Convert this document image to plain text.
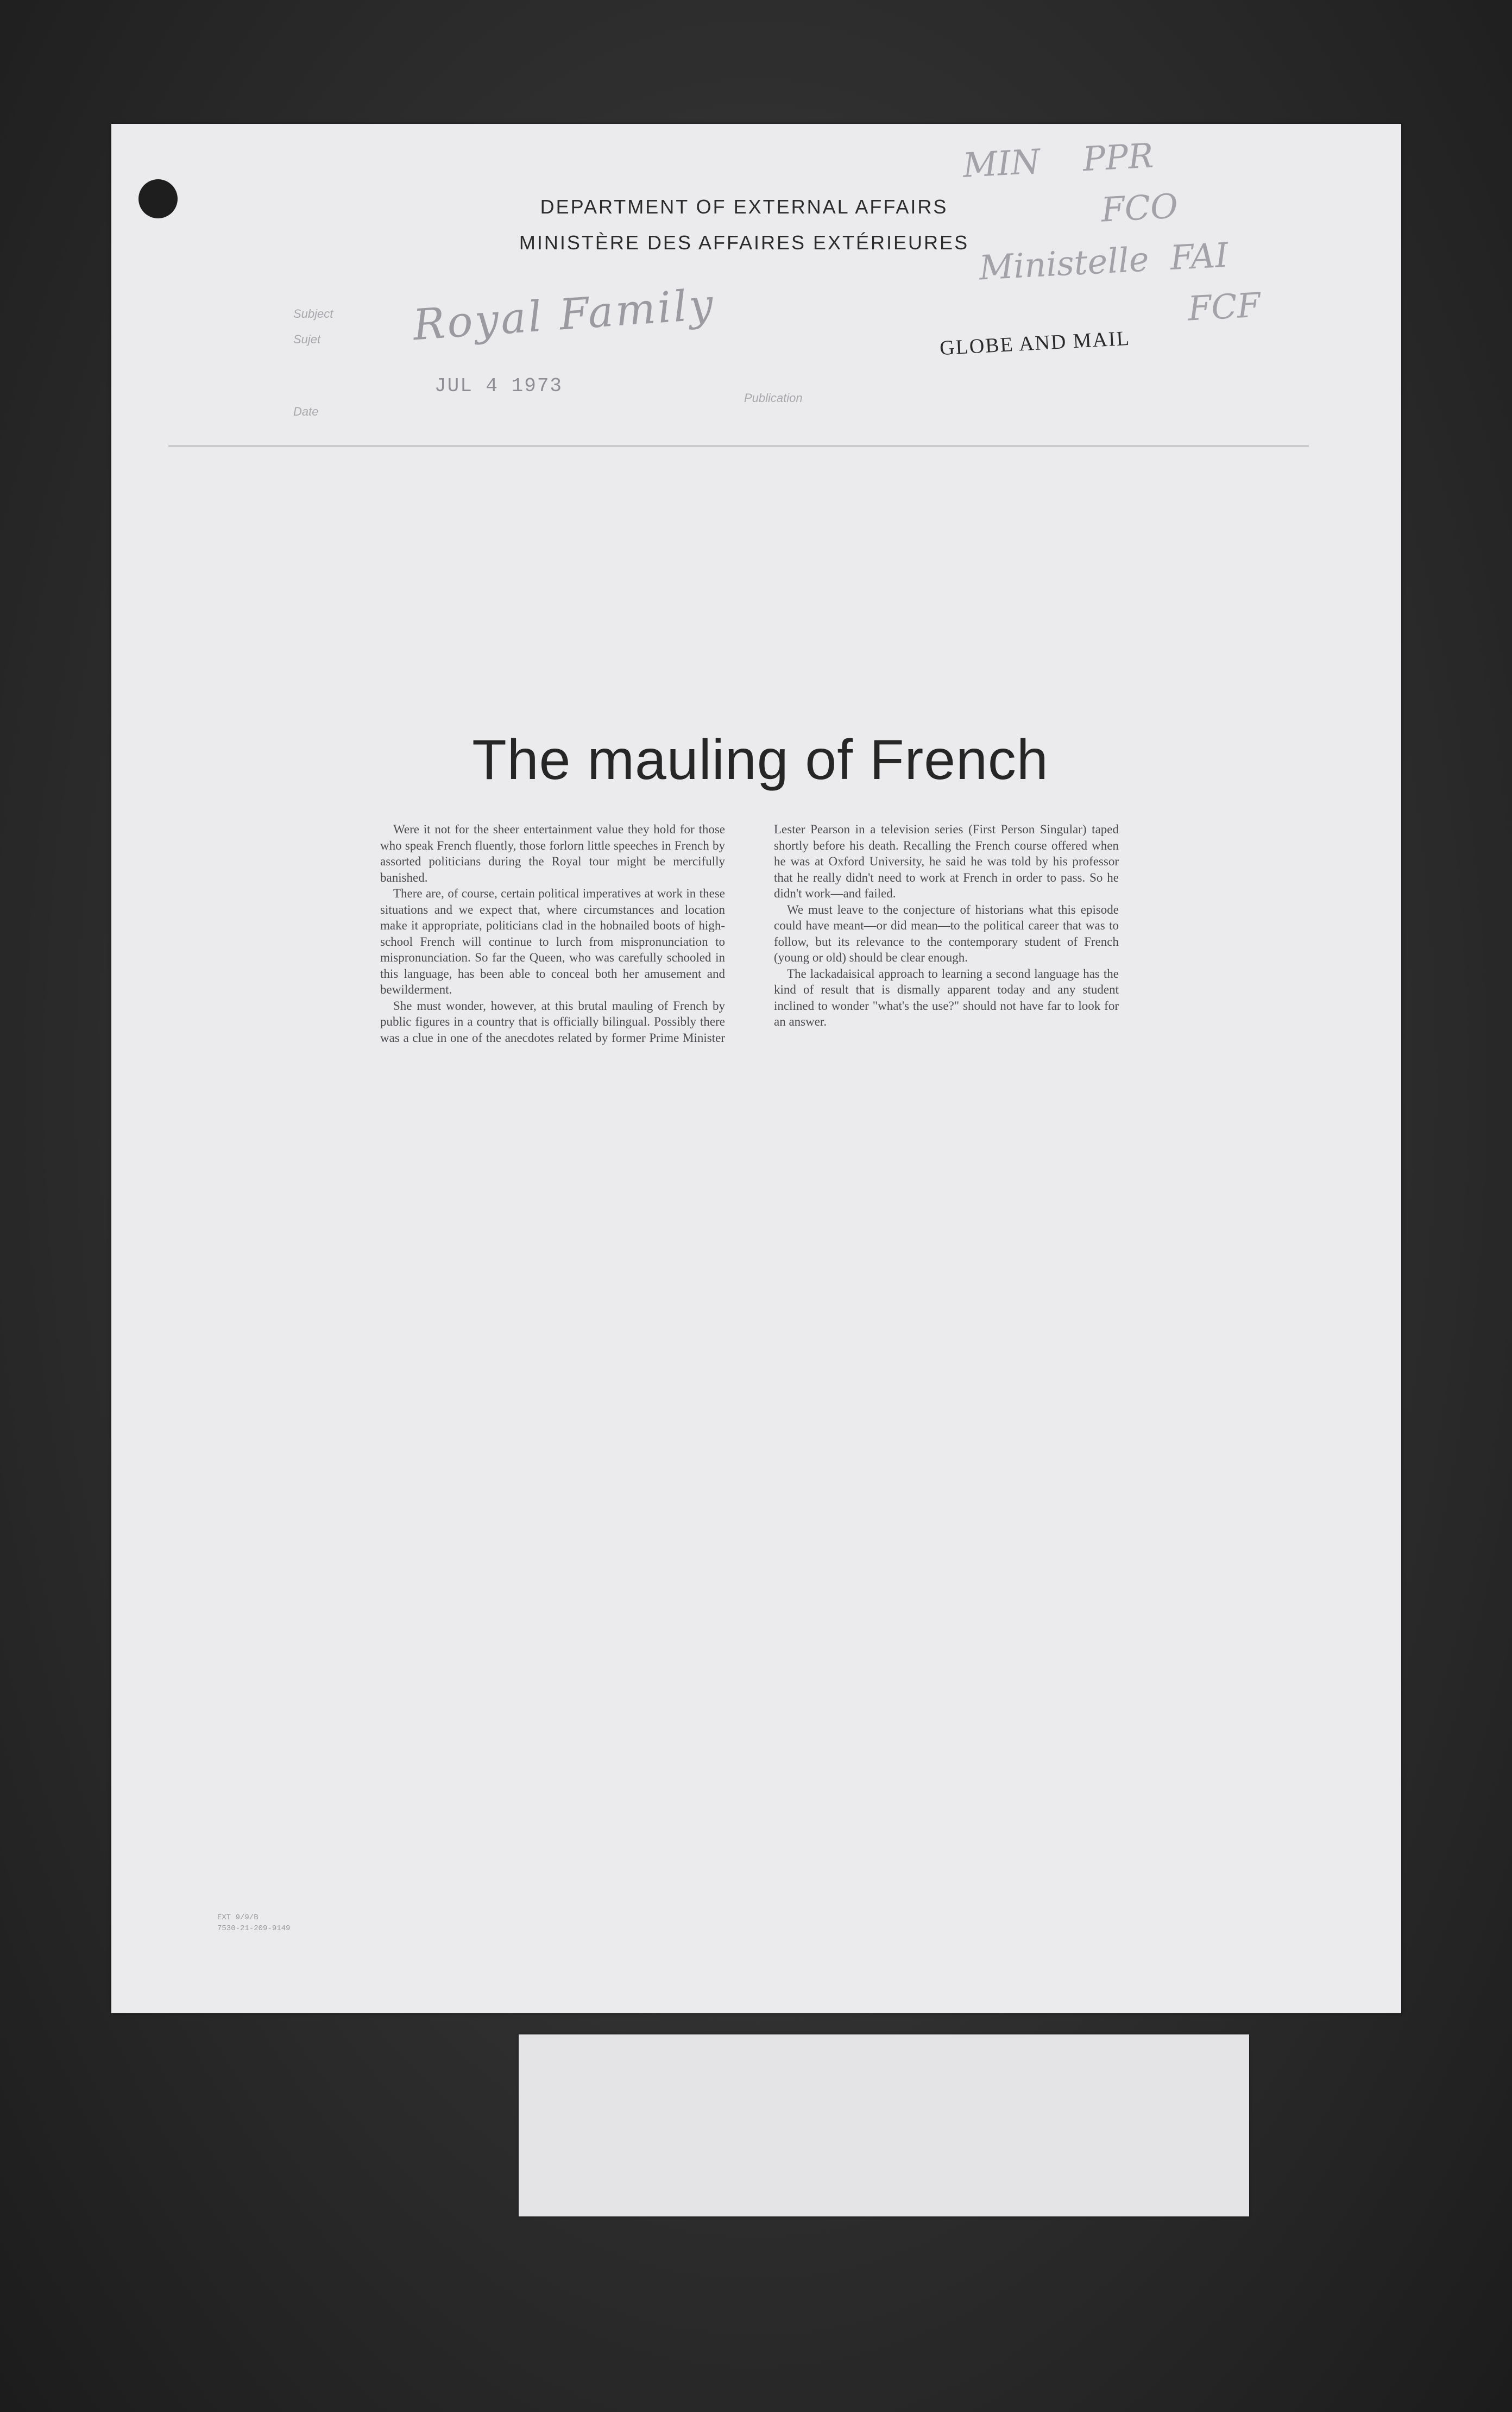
DEPARTMENT OF EXTERNAL AFFAIRS
MINISTÈRE DES AFFAIRES EXTÉRIEURES
MIN    PPR
FCO
Ministelle  FAI
FCF
Subject
Sujet Royal Family	GLOBE AND MAIL
JUL 4 1973
Date
Publication
The mauling of French

Were it not for the sheer entertainment value they hold for those who speak French fluently, those forlorn little speeches in French by assorted politicians during the Royal tour might be mercifully banished.

There are, of course, certain political imperatives at work in these situations and we expect that, where circumstances and location make it appropriate, politicians clad in the hobnailed boots of high-school French will continue to lurch from mispronunciation to mispronunciation. So far the Queen, who was carefully schooled in this language, has been able to conceal both her amusement and bewilderment.

She must wonder, however, at this brutal mauling of French by public figures in a country that is officially bilingual. Possibly there was a clue in one of the anecdotes related by former Prime Minister Lester Pearson in a television series (First Person Singular) taped shortly before his death. Recalling the French course offered when he was at Oxford University, he said he was told by his professor that he really didn't need to work at French in order to pass. So he didn't work—and failed.

We must leave to the conjecture of historians what this episode could have meant—or did mean—to the political career that was to follow, but its relevance to the contemporary student of French (young or old) should be clear enough.

The lackadaisical approach to learning a second language has the kind of result that is dismally apparent today and any student inclined to wonder "what's the use?" should not have far to look for an answer.

EXT 9/9/B
7530-21-209-9149
